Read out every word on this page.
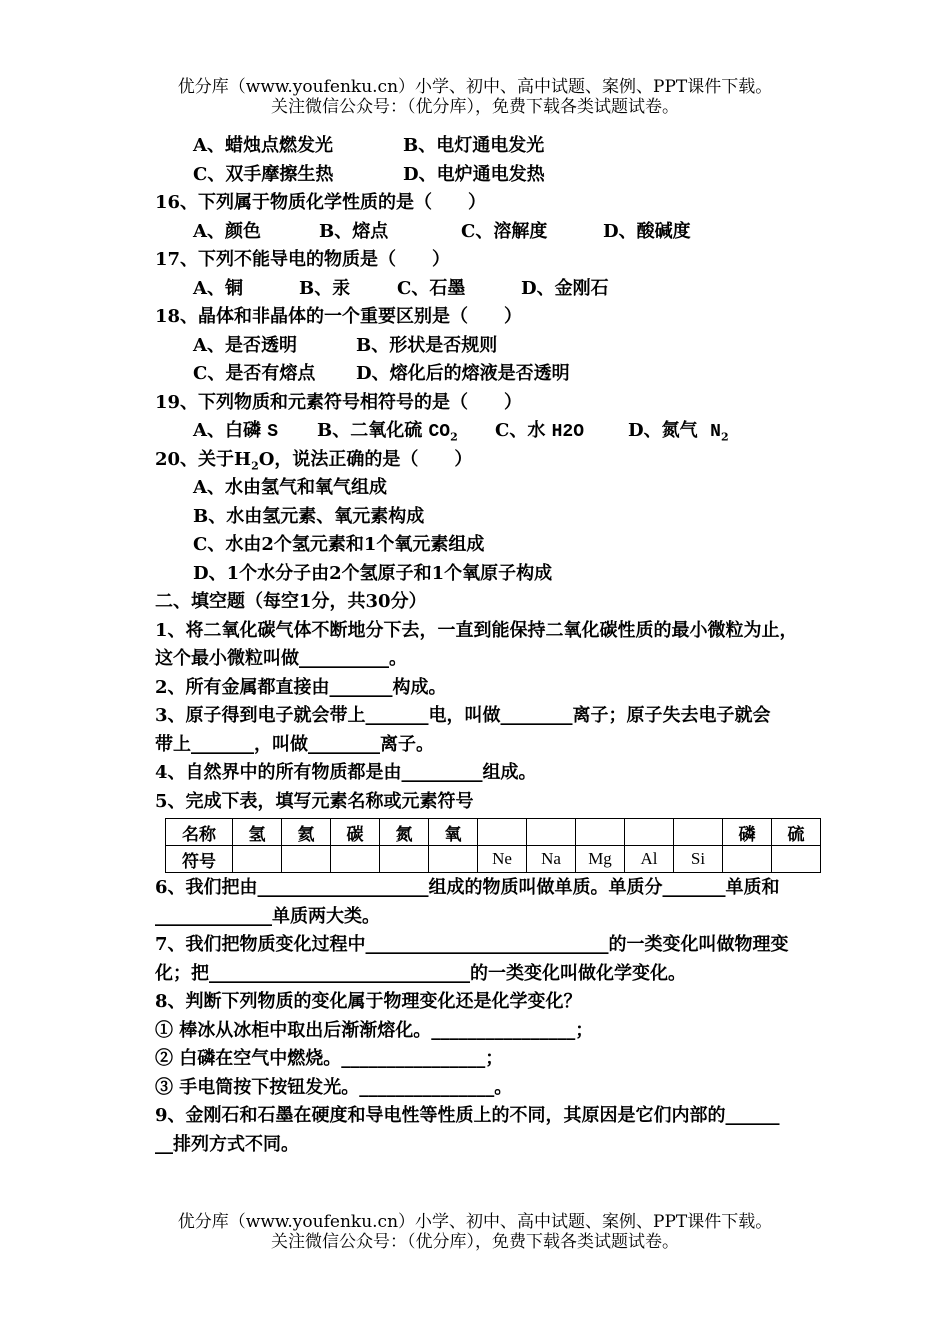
优分库（www.youfenku.cn）小学、初中、高中试题、案例、PPT课件下载。
关注微信公众号：（优分库），免费下载各类试题试卷。
A、蜡烛点燃发光	B、电灯通电发光
C、双手摩擦生热	D、电炉通电发热
16、下列属于物质化学性质的是（　　）
A、颜色	B、熔点	C、溶解度	D、酸碱度
17、下列不能导电的物质是（　　）
A、铜	B、汞	C、石墨	D、金刚石
18、晶体和非晶体的一个重要区别是（　　）
A、是否透明	B、形状是否规则
C、是否有熔点 D、熔化后的熔液是否透明
19、下列物质和元素符号相符号的是（　　）
A、白磷 S B、二氧化硫 $CO_2$ C、水 H2O D、氮气 $N_2$
20、关于$H_2O$，说法正确的是（　　）
A、水由氢气和氧气组成
B、水由氢元素、氧元素构成
C、水由2个氢元素和1个氧元素组成
D、1个水分子由2个氢原子和1个氧原子构成
二、填空题（每空1分，共30分）
1、将二氧化碳气体不断地分下去，一直到能保持二氧化碳性质的最小微粒为止，
这个最小微粒叫做__________。
2、所有金属都直接由_______构成。
3、原子得到电子就会带上_______电，叫做________离子；原子失去电子就会
带上_______，叫做________离子。
4、自然界中的所有物质都是由_________组成。
5、完成下表，填写元素名称或元素符号
名称	氢	氦	碳	氮	氧						磷	硫
符号						Ne	Na	Mg	Al	Si		
6、我们把由___________________组成的物质叫做单质。单质分_______单质和
_____________单质两大类。
7、我们把物质变化过程中___________________________的一类变化叫做物理变
化；把_____________________________的一类变化叫做化学变化。
8、判断下列物质的变化属于物理变化还是化学变化？
① 棒冰从冰柜中取出后渐渐熔化。________________；
② 白磷在空气中燃烧。________________；
③ 手电筒按下按钮发光。_______________。
9、金刚石和石墨在硬度和导电性等性质上的不同，其原因是它们内部的______
__排列方式不同。
优分库（www.youfenku.cn）小学、初中、高中试题、案例、PPT课件下载。
关注微信公众号：（优分库），免费下载各类试题试卷。
